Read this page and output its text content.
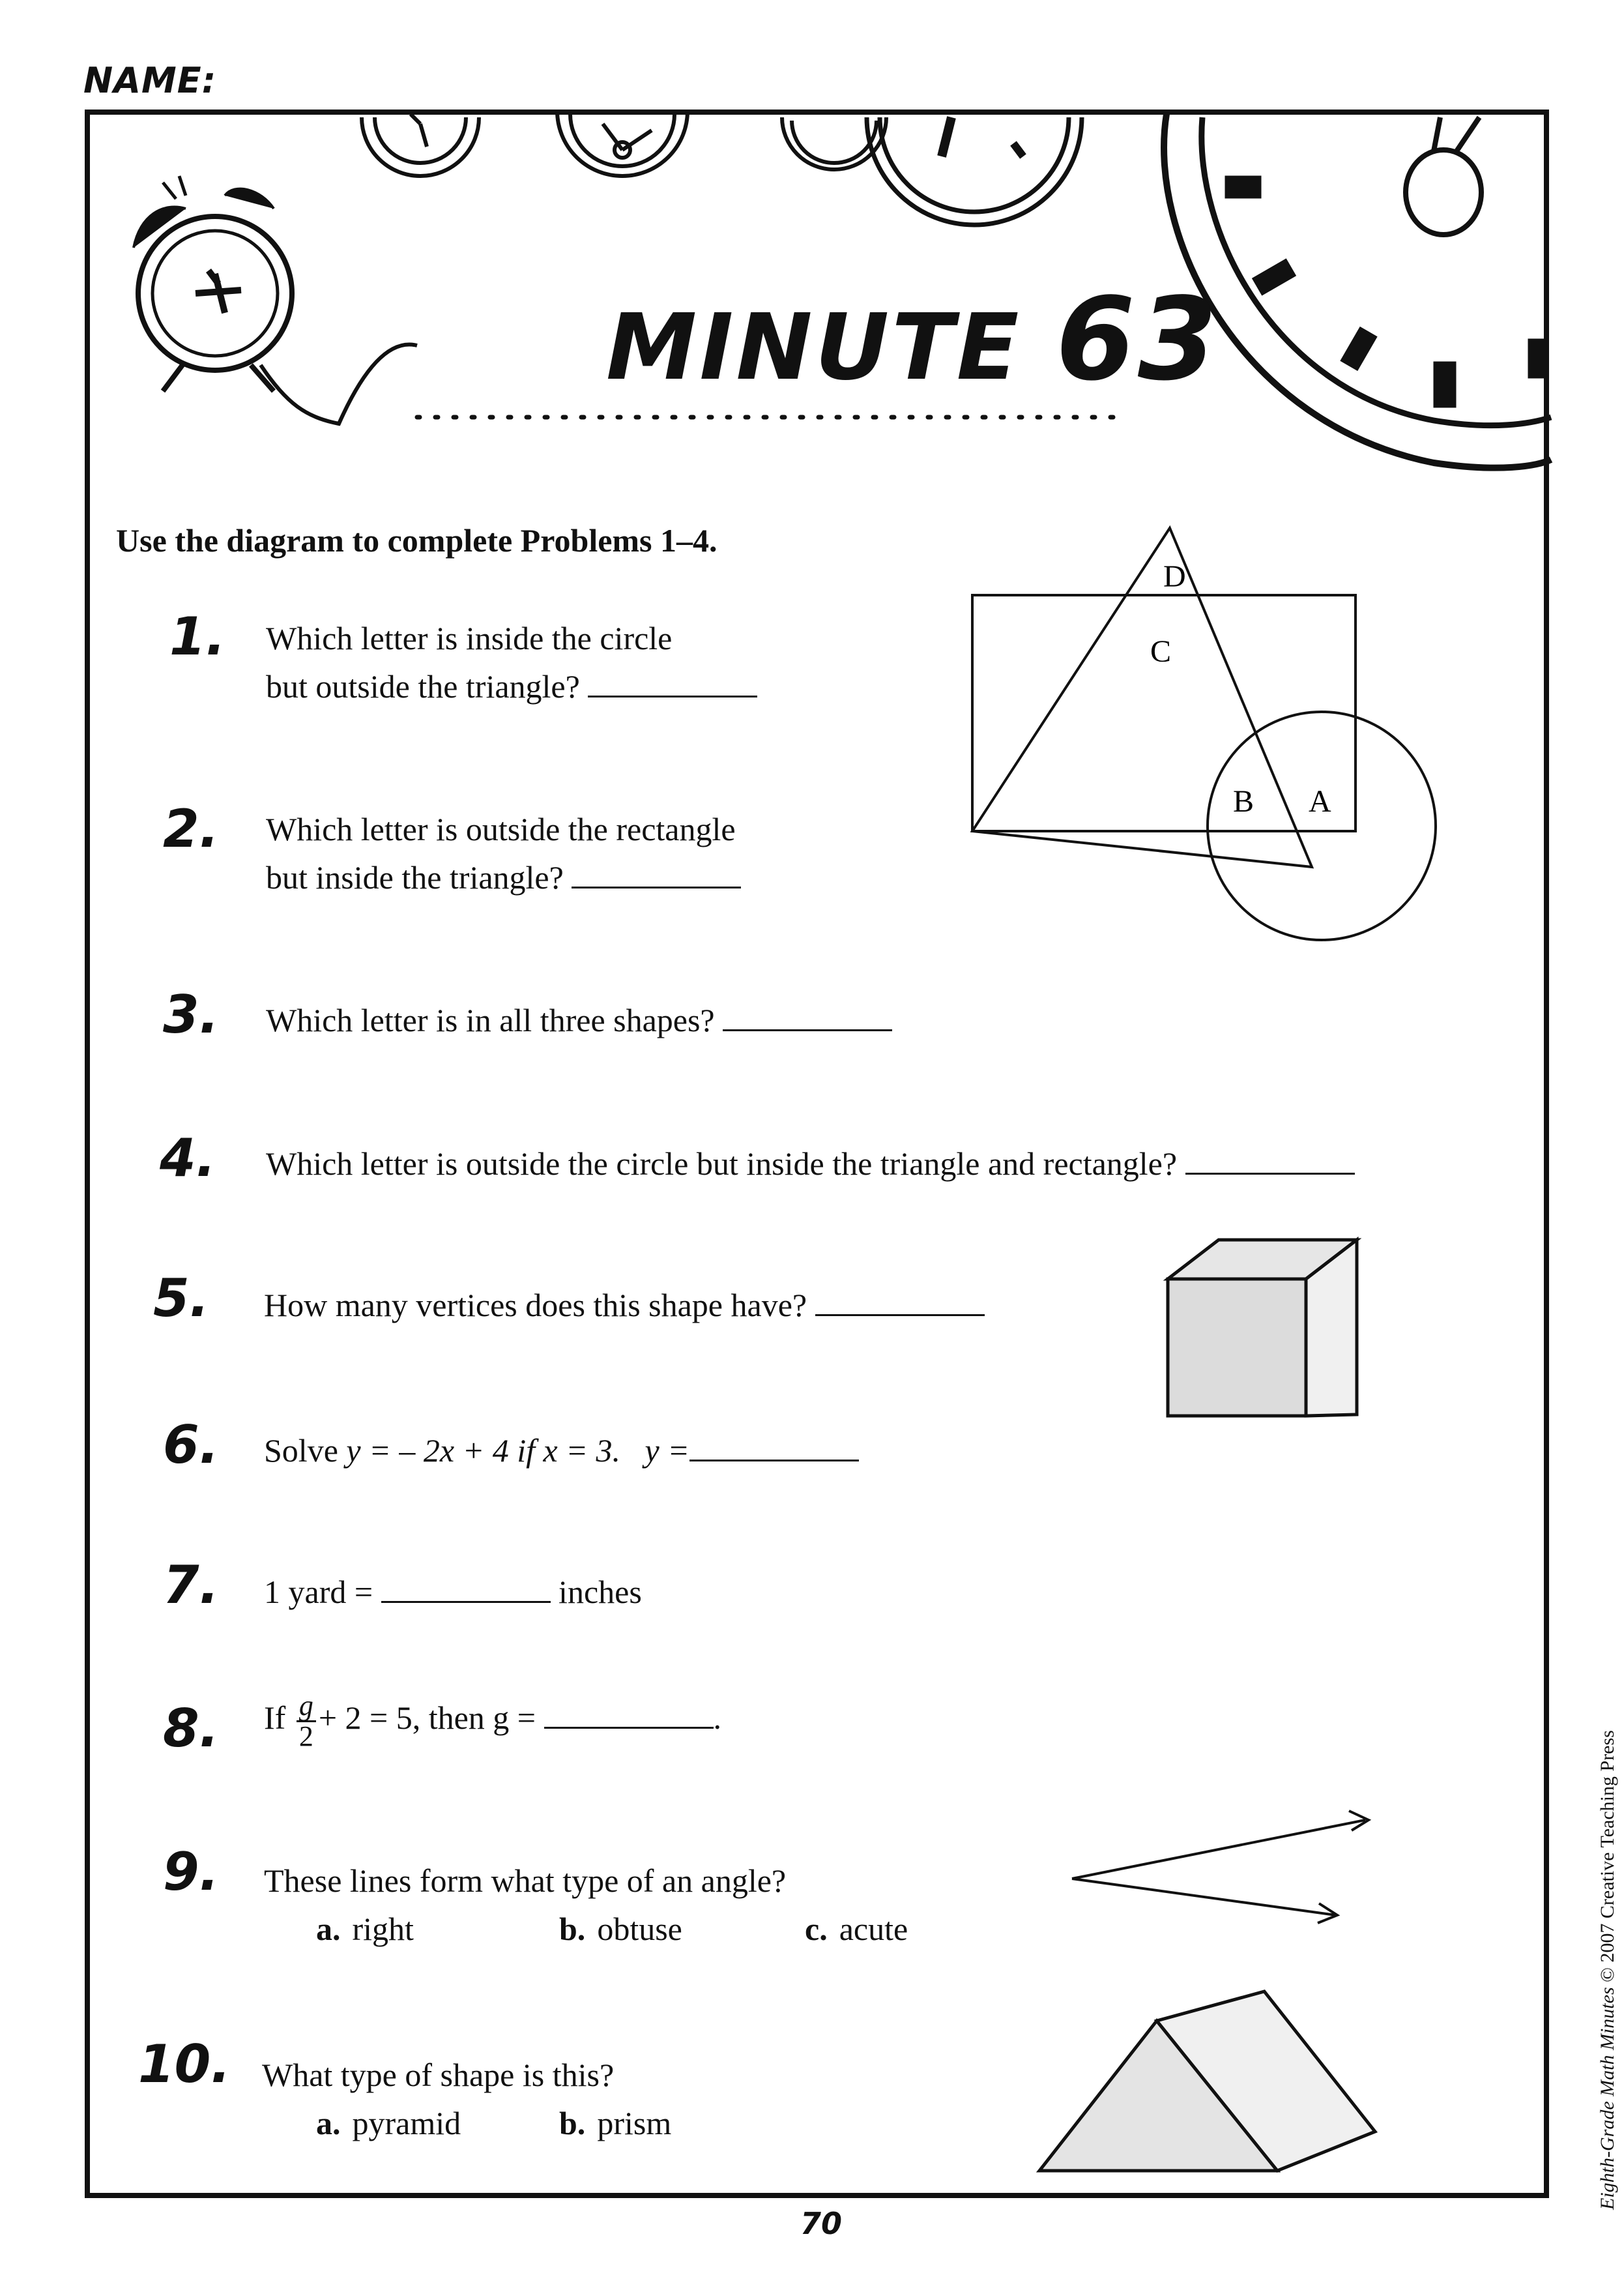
NAME:
MINUTE 63
Use the diagram to complete Problems 1–4.
1. Which letter is inside the circle
but outside the triangle?
2. Which letter is outside the rectangle
but inside the triangle?
3. Which letter is in all three shapes?
4. Which letter is outside the circle but inside the triangle and rectangle?
5. How many vertices does this shape have?
6. Solve y = – 2x + 4 if x = 3. y =
7. 1 yard =	inches
8. If $\frac{g}{2} + 2 = 5$, then g =	.
9. These lines form what type of an angle?
a. right	b. obtuse	c. acute
10. What type of shape is this?
a. pyramid	b. prism
D
C
B A
70
Eighth-Grade Math Minutes © 2007 Creative Teaching Press
